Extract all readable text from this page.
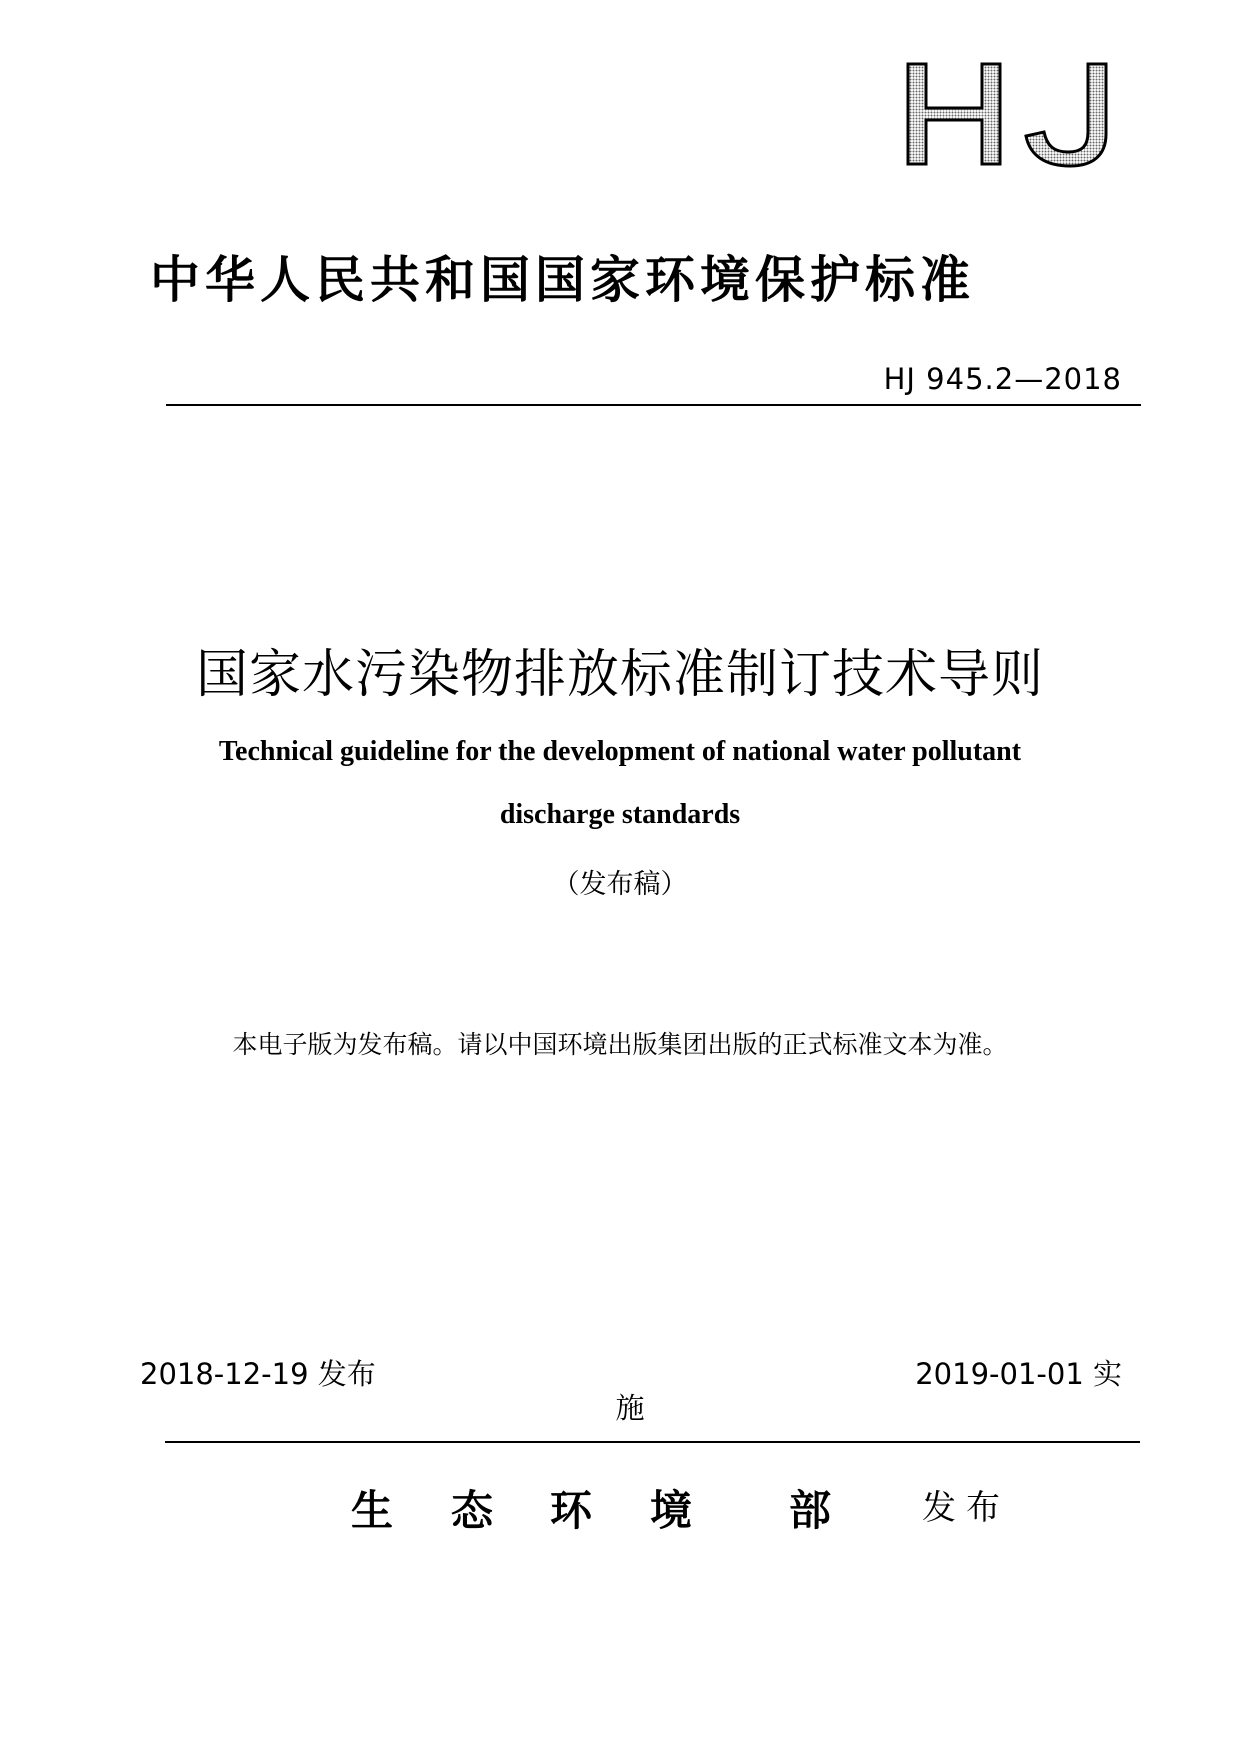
中华人民共和国国家环境保护标准
HJ 945.2—2018
国家水污染物排放标准制订技术导则
Technical guideline for the development of national water pollutant
discharge standards
（发布稿）
本电子版为发布稿。请以中国环境出版集团出版的正式标准文本为准。
2018-12-19 发布	2019-01-01 实
施
生 态 环 境 部	发布
